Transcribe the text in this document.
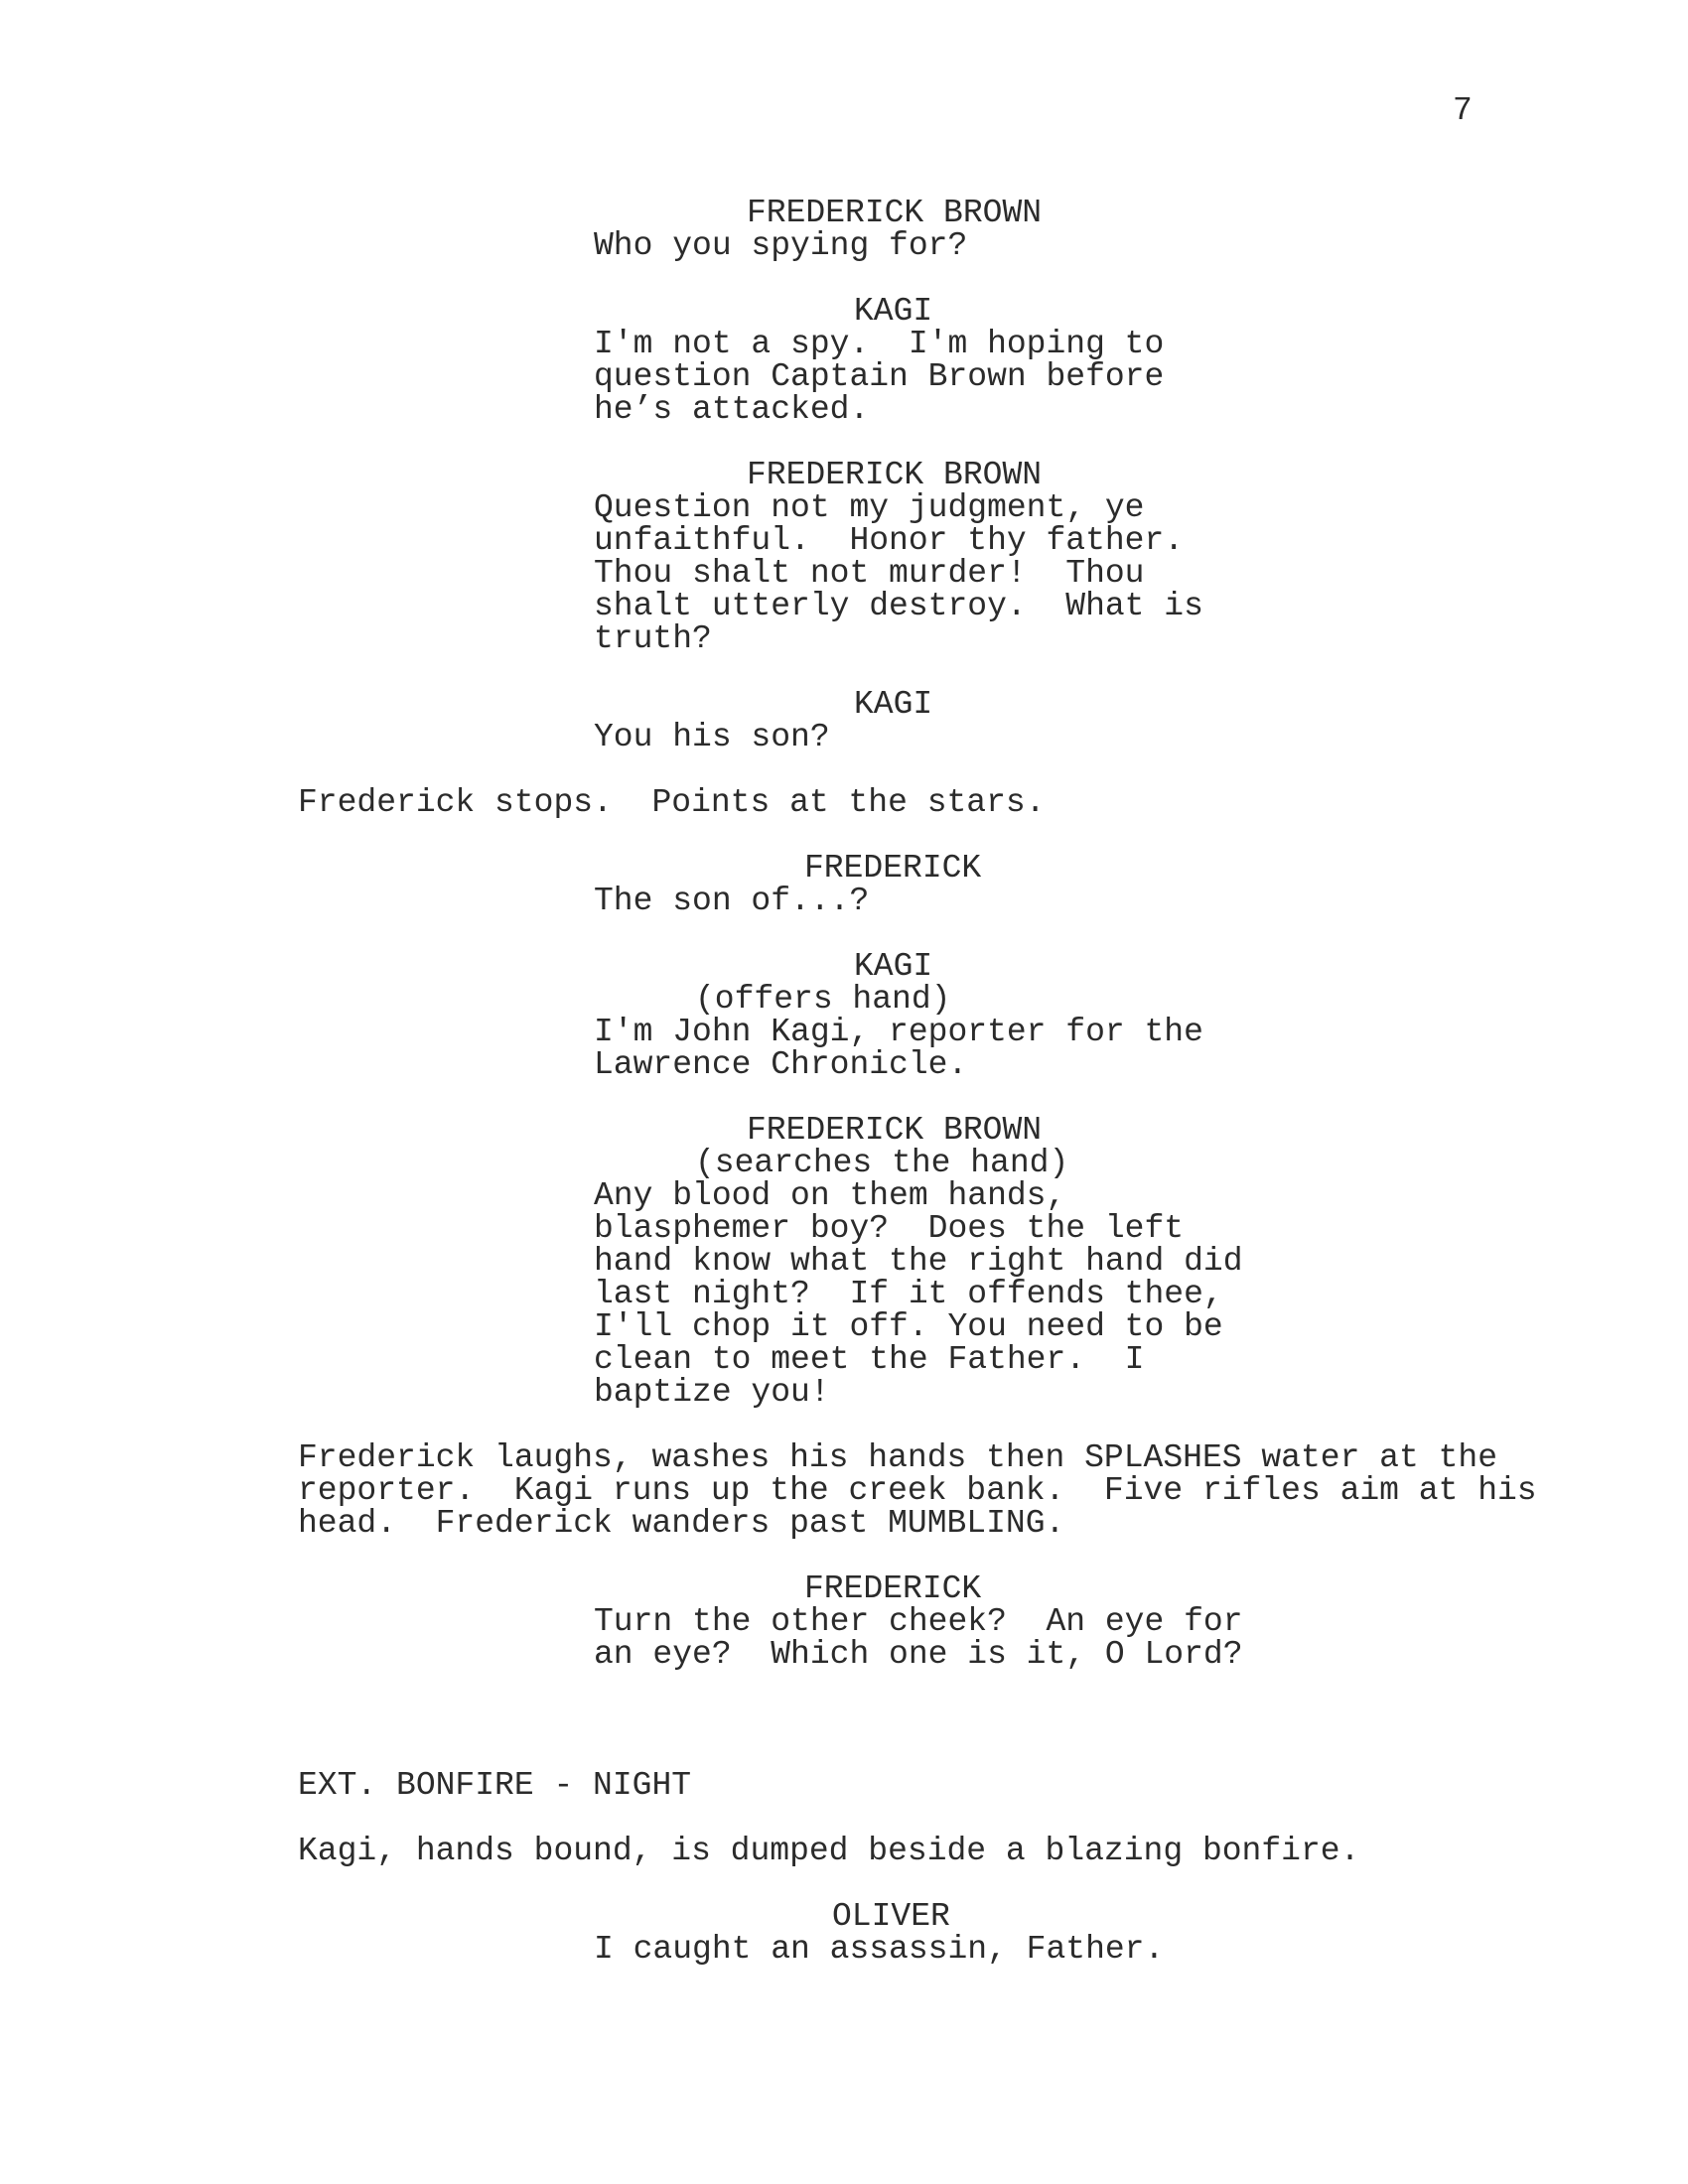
7
FREDERICK BROWN
Who you spying for?
KAGI
I'm not a spy.  I'm hoping to
question Captain Brown before
he’s attacked.
FREDERICK BROWN
Question not my judgment, ye
unfaithful.  Honor thy father.
Thou shalt not murder!  Thou
shalt utterly destroy.  What is
truth?
KAGI
You his son?
Frederick stops.  Points at the stars.
FREDERICK
The son of...?
KAGI
(offers hand)
I'm John Kagi, reporter for the
Lawrence Chronicle.
FREDERICK BROWN
(searches the hand)
Any blood on them hands,
blasphemer boy?  Does the left
hand know what the right hand did
last night?  If it offends thee,
I'll chop it off. You need to be
clean to meet the Father.  I
baptize you!
Frederick laughs, washes his hands then SPLASHES water at the
reporter.  Kagi runs up the creek bank.  Five rifles aim at his
head.  Frederick wanders past MUMBLING.
FREDERICK
Turn the other cheek?  An eye for
an eye?  Which one is it, O Lord?
EXT. BONFIRE - NIGHT
Kagi, hands bound, is dumped beside a blazing bonfire.
OLIVER
I caught an assassin, Father.
